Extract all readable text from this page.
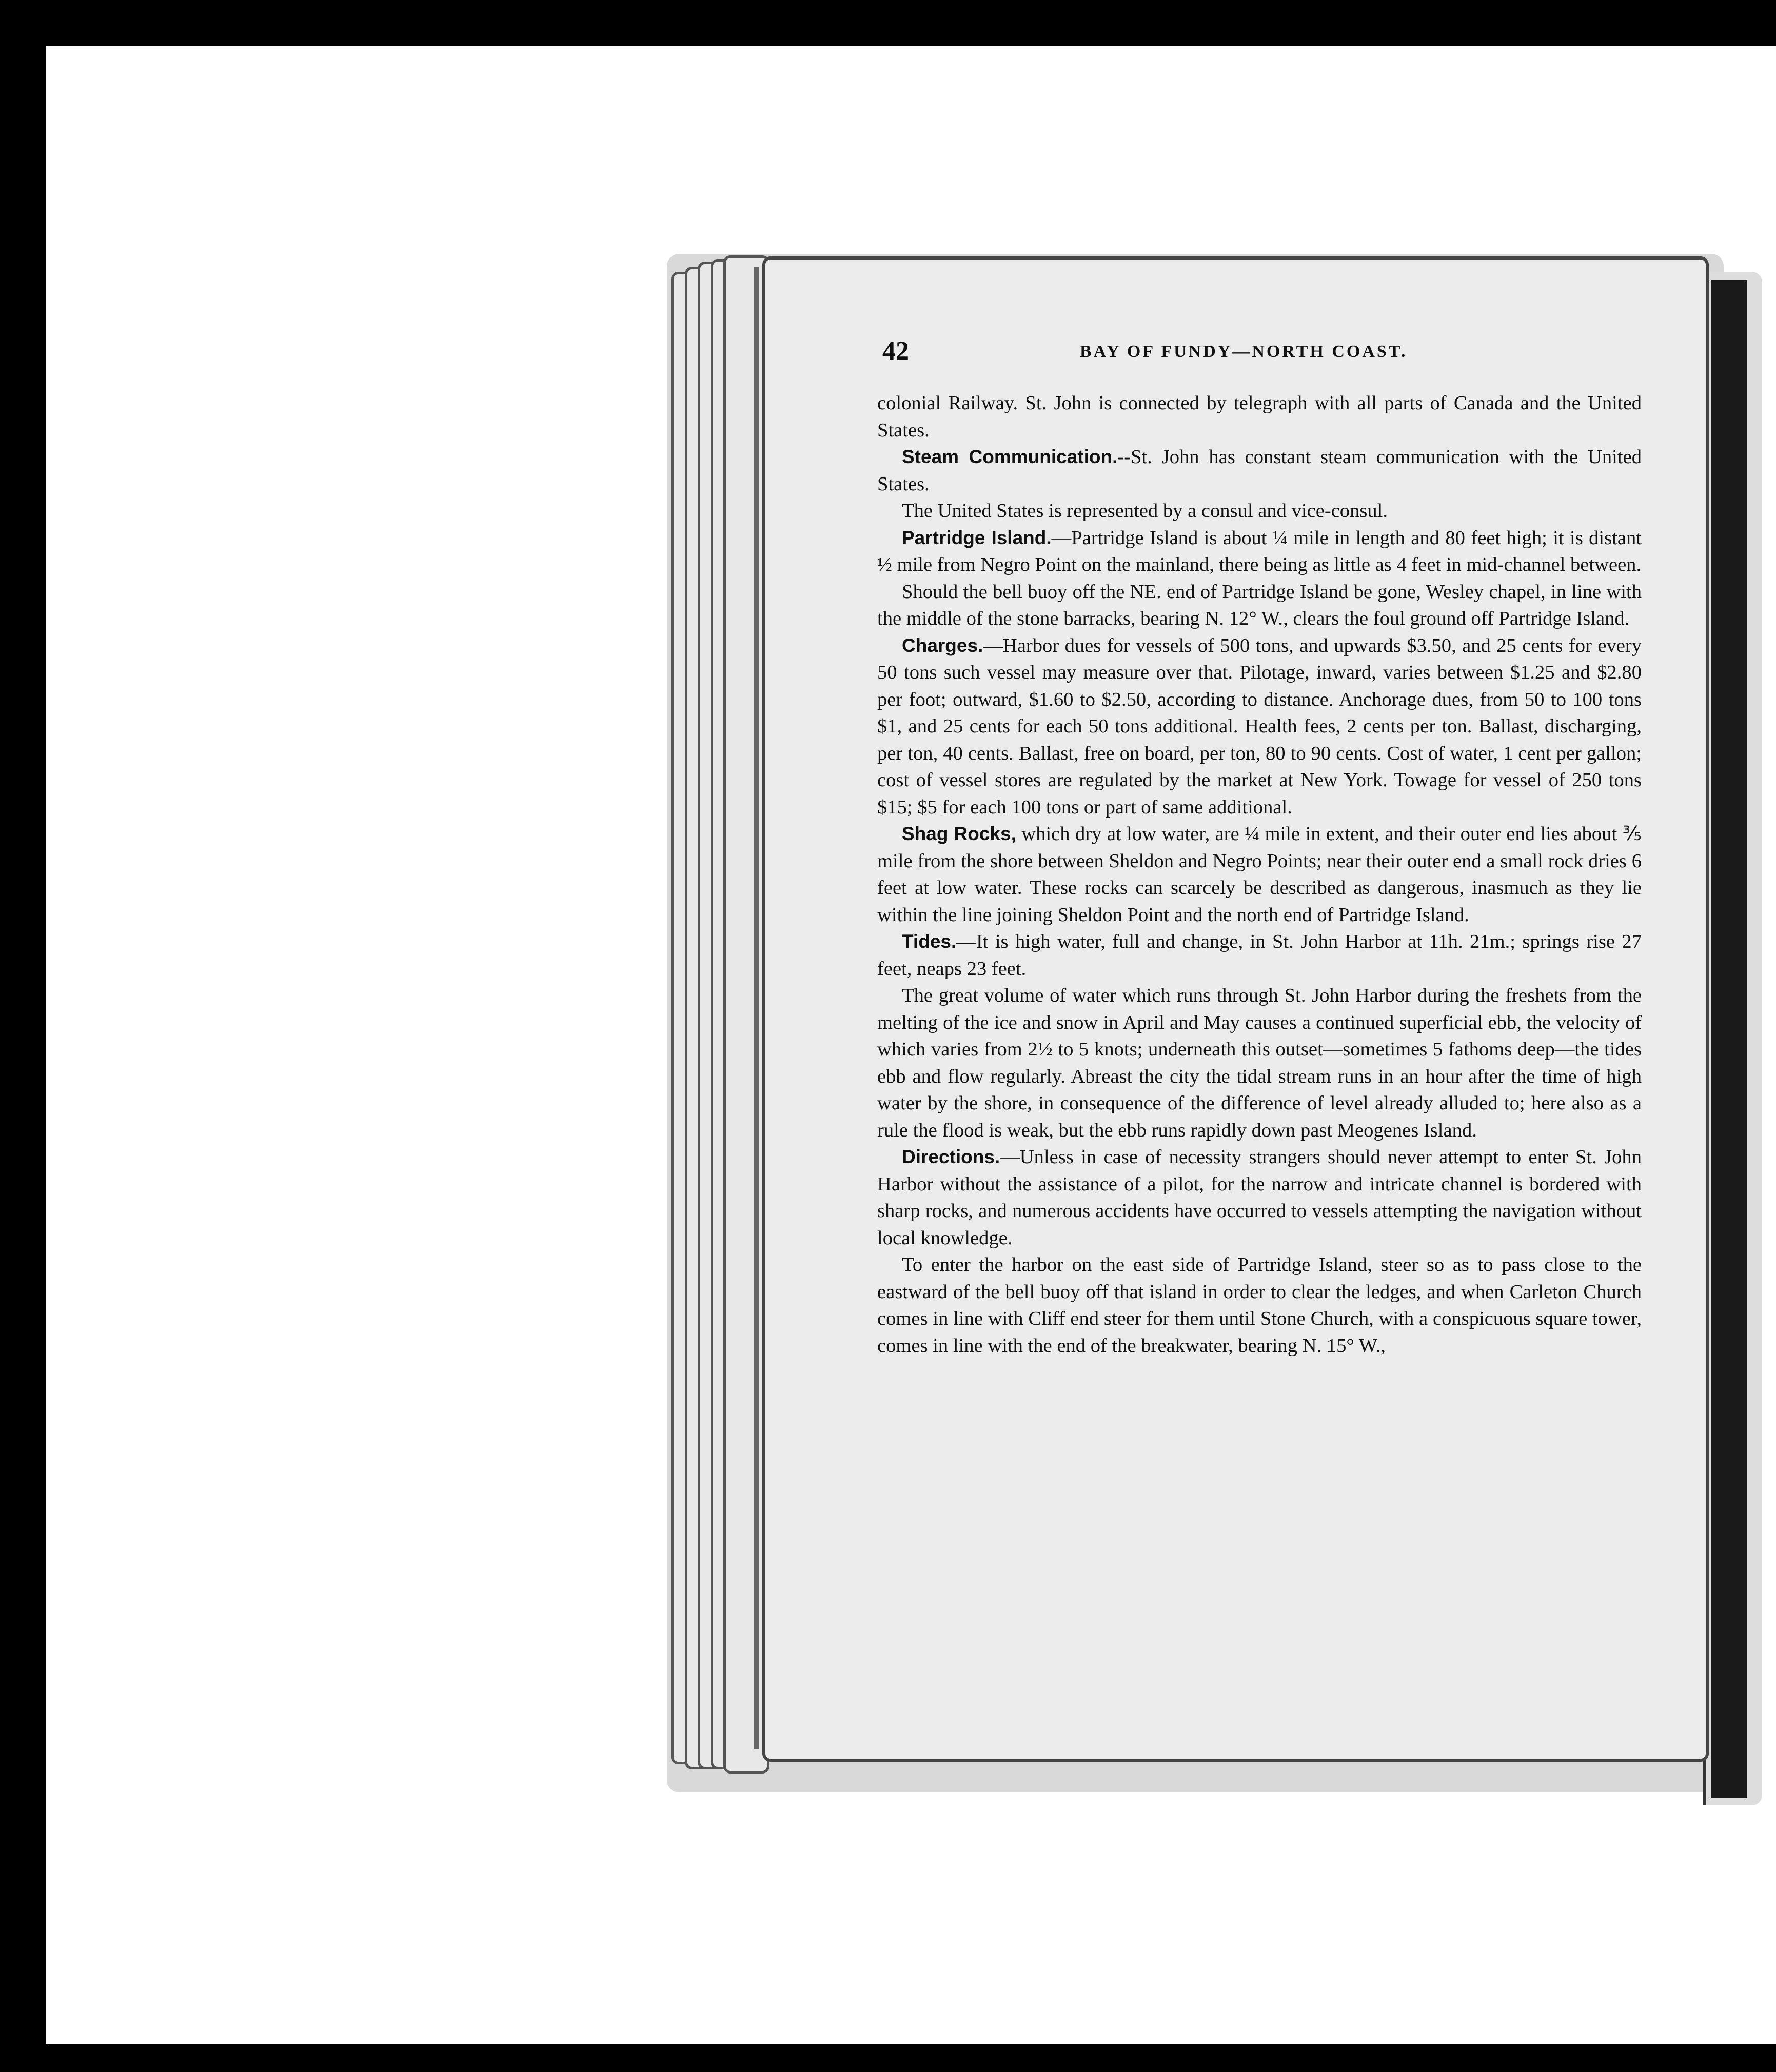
42	BAY OF FUNDY—NORTH COAST.

colonial Railway. St. John is connected by telegraph with all parts of Canada and the United States.

Steam Communication.--St. John has constant steam communication with the United States.

The United States is represented by a consul and vice-consul.

Partridge Island.—Partridge Island is about ¼ mile in length and 80 feet high; it is distant ½ mile from Negro Point on the mainland, there being as little as 4 feet in mid-channel between.

Should the bell buoy off the NE. end of Partridge Island be gone, Wesley chapel, in line with the middle of the stone barracks, bearing N. 12° W., clears the foul ground off Partridge Island.

Charges.—Harbor dues for vessels of 500 tons, and upwards $3.50, and 25 cents for every 50 tons such vessel may measure over that. Pilotage, inward, varies between $1.25 and $2.80 per foot; outward, $1.60 to $2.50, according to distance. Anchorage dues, from 50 to 100 tons $1, and 25 cents for each 50 tons additional. Health fees, 2 cents per ton. Ballast, discharging, per ton, 40 cents. Ballast, free on board, per ton, 80 to 90 cents. Cost of water, 1 cent per gallon; cost of vessel stores are regulated by the market at New York. Towage for vessel of 250 tons $15; $5 for each 100 tons or part of same additional.

Shag Rocks, which dry at low water, are ¼ mile in extent, and their outer end lies about ⅗ mile from the shore between Sheldon and Negro Points; near their outer end a small rock dries 6 feet at low water. These rocks can scarcely be described as dangerous, inasmuch as they lie within the line joining Sheldon Point and the north end of Partridge Island.

Tides.—It is high water, full and change, in St. John Harbor at 11h. 21m.; springs rise 27 feet, neaps 23 feet.

The great volume of water which runs through St. John Harbor during the freshets from the melting of the ice and snow in April and May causes a continued superficial ebb, the velocity of which varies from 2½ to 5 knots; underneath this outset—sometimes 5 fathoms deep—the tides ebb and flow regularly. Abreast the city the tidal stream runs in an hour after the time of high water by the shore, in consequence of the difference of level already alluded to; here also as a rule the flood is weak, but the ebb runs rapidly down past Meogenes Island.

Directions.—Unless in case of necessity strangers should never attempt to enter St. John Harbor without the assistance of a pilot, for the narrow and intricate channel is bordered with sharp rocks, and numerous accidents have occurred to vessels attempting the navigation without local knowledge.

To enter the harbor on the east side of Partridge Island, steer so as to pass close to the eastward of the bell buoy off that island in order to clear the ledges, and when Carleton Church comes in line with Cliff end steer for them until Stone Church, with a conspicuous square tower, comes in line with the end of the breakwater, bearing N. 15° W.,
